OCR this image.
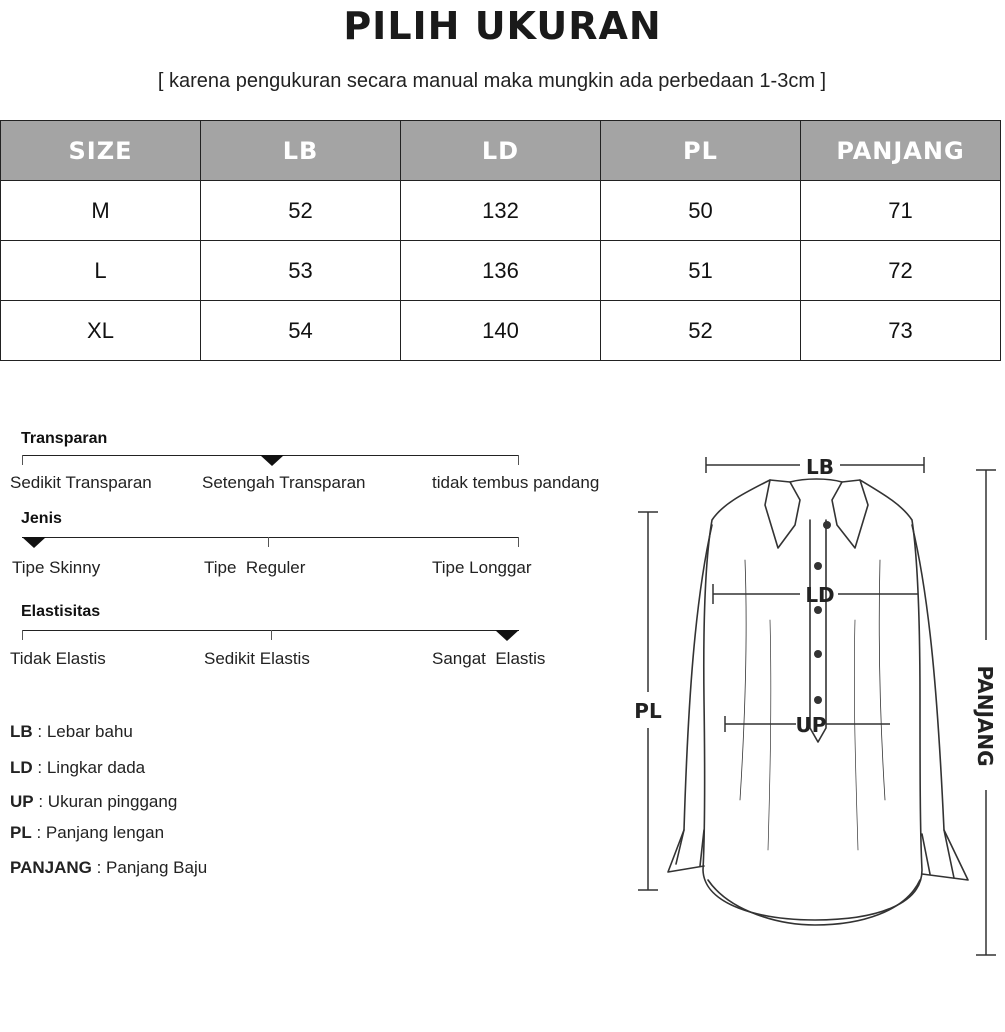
PILIH UKURAN
[ karena pengukuran secara manual maka mungkin ada perbedaan 1-3cm ]
SIZE	LB	LD	PL	PANJANG
M	52	132	50	71
L	53	136	51	72
XL	54	140	52	73
Transparan
Sedikit Transparan	Setengah Transparan	tidak tembus pandang
Jenis
Tipe Skinny	Tipe  Reguler	Tipe Longgar
Elastisitas
Tidak Elastis	Sedikit Elastis	Sangat  Elastis
LB : Lebar bahu
LD : Lingkar dada
UP : Ukuran pinggang
PL : Panjang lengan
PANJANG : Panjang Baju
LB
LD
UP
PL	PANJANG
